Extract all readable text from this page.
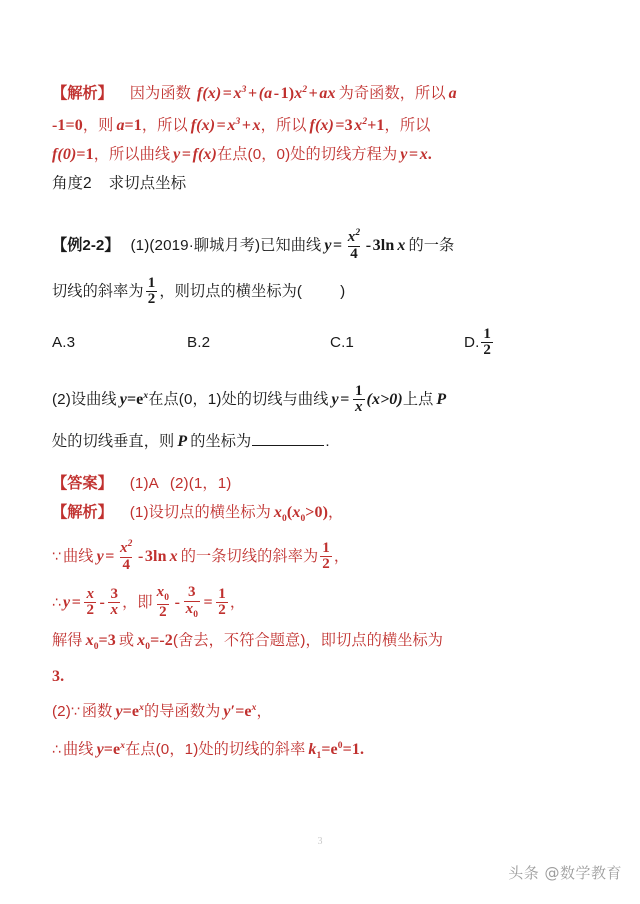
【解析】 因为函数 $f(x)=x^3+(a-1)x^2+ax$ 为奇函数，所以 a
-1=0，则 a=1，所以 $f(x)=x^3+x$，所以 $f(x)=3x^2+1$，所以
f(0)=1，所以曲线 y=f(x)在点(0，0)处的切线方程为 y=x.
角度2 求切点坐标
【例2-2】 (1)(2019·聊城月考)已知曲线 $y= \frac{x^2}{4} -3\ln$ x 的一条
切线的斜率为 $\frac{1}{2}$ ，则切点的横坐标为(	)
A.3	B.2	C.1	D. $\frac{1}{2}$
(2)设曲线 $y=e^x$在点(0，1)处的切线与曲线 $y= \frac{1}{x} (x>0)$上点 P
处的切线垂直，则 P 的坐标为	.
【答案】 (1)A (2)(1，1)
【解析】 (1)设切点的横坐标为 $x_0(x_0>0)$，
∵ 曲线 $y= \frac{x^2}{4} -3\ln$ x 的一条切线的斜率为 $\frac{1}{2}$ ，
∴ $y= \frac{x}{2} - \frac{3}{x}$ ，即 $\frac{x_0}{2} - \frac{3}{x_0} = \frac{1}{2}$ ，
解得 $x_0=3$ 或 $x_0=-2$(舍去，不符合题意)，即切点的横坐标为
3.
(2)∵ 函数 $y=e^x$的导函数为 $y'=e^x$，
∴ 曲线 $y=e^x$在点(0，1)处的切线的斜率 $k_1=e^0=1$.
3
头条 @数学教育
